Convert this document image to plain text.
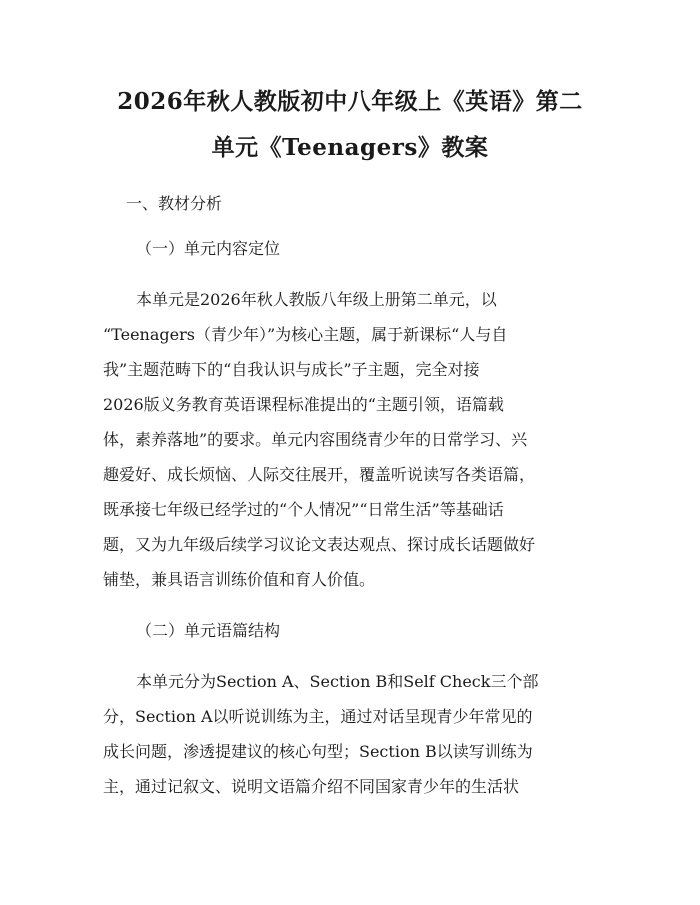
2026年秋人教版初中八年级上《英语》第二
单元《Teenagers》教案

一、教材分析

（一）单元内容定位

本单元是2026年秋人教版八年级上册第二单元，以
“Teenagers（青少年）”为核心主题，属于新课标“人与自
我”主题范畴下的“自我认识与成长”子主题，完全对接
2026版义务教育英语课程标准提出的“主题引领，语篇载
体，素养落地”的要求。单元内容围绕青少年的日常学习、兴
趣爱好、成长烦恼、人际交往展开，覆盖听说读写各类语篇，
既承接七年级已经学过的“个人情况”“日常生活”等基础话
题，又为九年级后续学习议论文表达观点、探讨成长话题做好
铺垫，兼具语言训练价值和育人价值。

（二）单元语篇结构

本单元分为Section A、Section B和Self Check三个部
分，Section A以听说训练为主，通过对话呈现青少年常见的
成长问题，渗透提建议的核心句型；Section B以读写训练为
主，通过记叙文、说明文语篇介绍不同国家青少年的生活状
